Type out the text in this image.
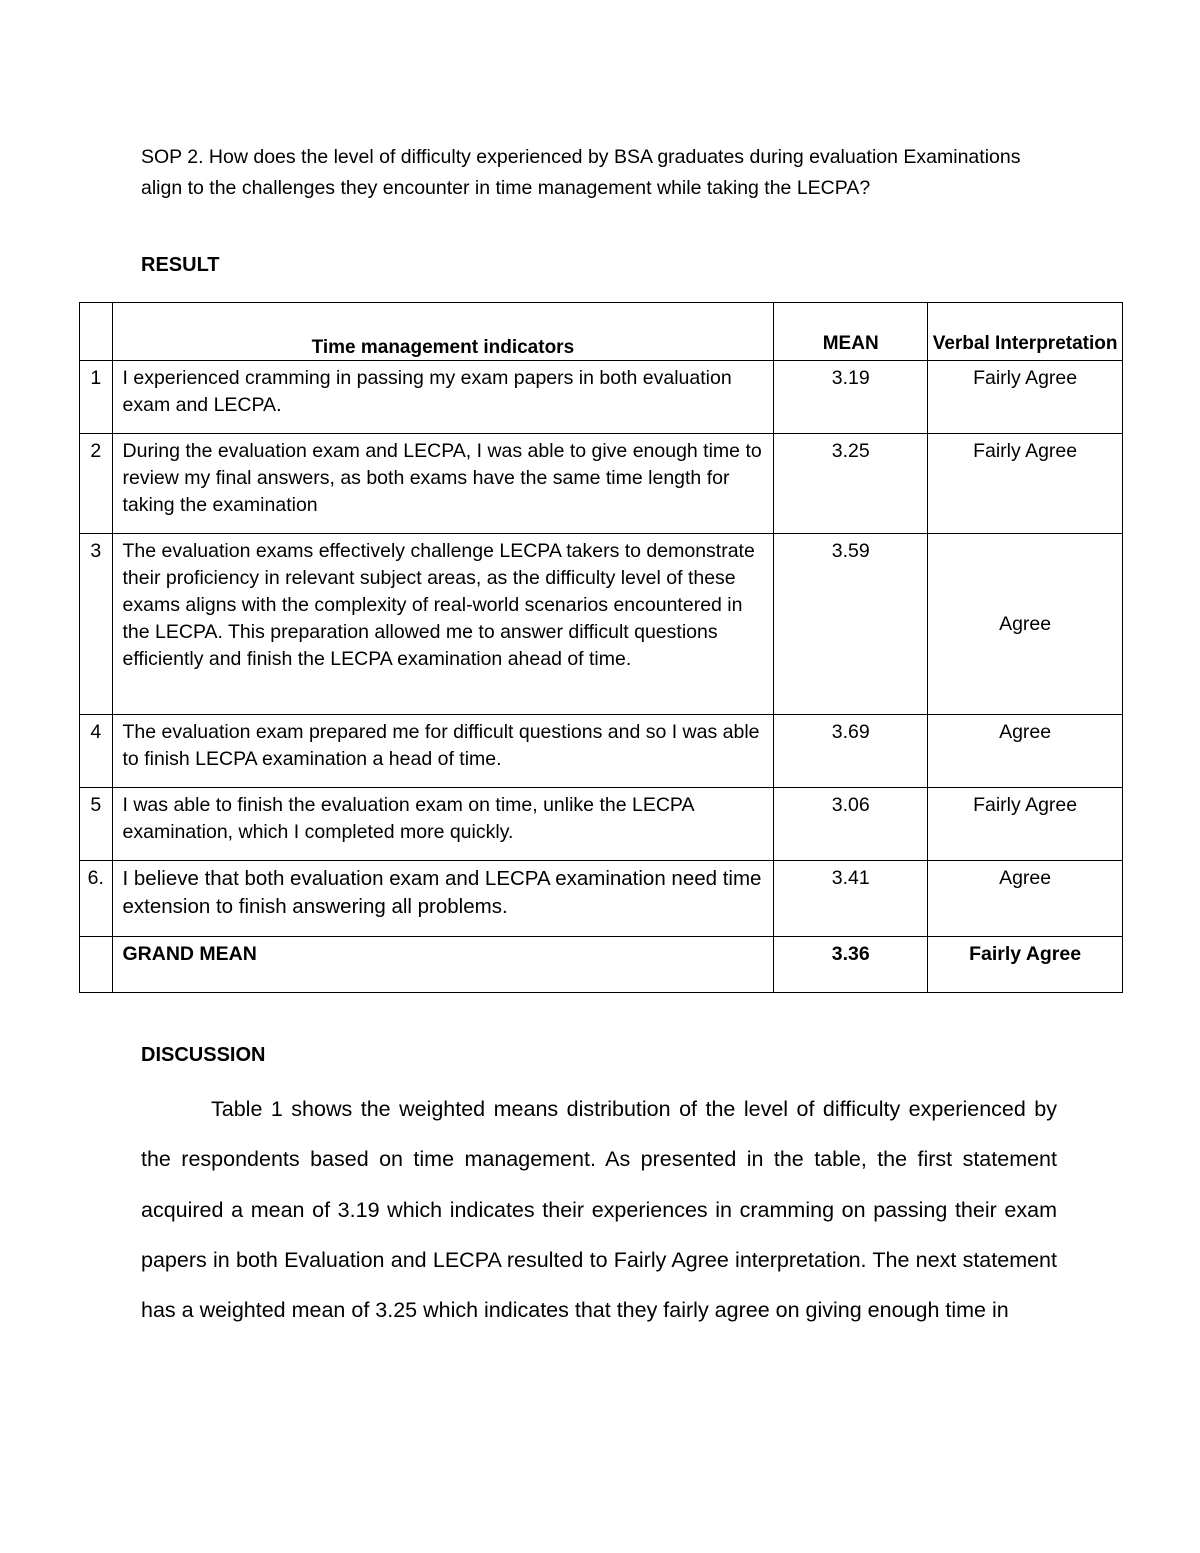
SOP 2. How does the level of difficulty experienced by BSA graduates during evaluation Examinations align to the challenges they encounter in time management while taking the LECPA?
RESULT
	Time management indicators	MEAN	Verbal Interpretation
1	I experienced cramming in passing my exam papers in both evaluation exam and LECPA.	3.19	Fairly Agree
2	During the evaluation exam and LECPA, I was able to give enough time to review my final answers, as both exams have the same time length for taking the examination	3.25	Fairly Agree
3	The evaluation exams effectively challenge LECPA takers to demonstrate their proficiency in relevant subject areas, as the difficulty level of these exams aligns with the complexity of real-world scenarios encountered in the LECPA. This preparation allowed me to answer difficult questions efficiently and finish the LECPA examination ahead of time.	3.59	Agree
4	The evaluation exam prepared me for difficult questions and so I was able to finish LECPA examination a head of time.	3.69	Agree
5	I was able to finish the evaluation exam on time, unlike the LECPA examination, which I completed more quickly.	3.06	Fairly Agree
6.	I believe that both evaluation exam and LECPA examination need time extension to finish answering all problems.	3.41	Agree
	GRAND MEAN	3.36	Fairly Agree
DISCUSSION

Table 1 shows the weighted means distribution of the level of difficulty experienced by the respondents based on time management. As presented in the table, the first statement acquired a mean of 3.19 which indicates their experiences in cramming on passing their exam papers in both Evaluation and LECPA resulted to Fairly Agree interpretation. The next statement has a weighted mean of 3.25 which indicates that they fairly agree on giving enough time in
